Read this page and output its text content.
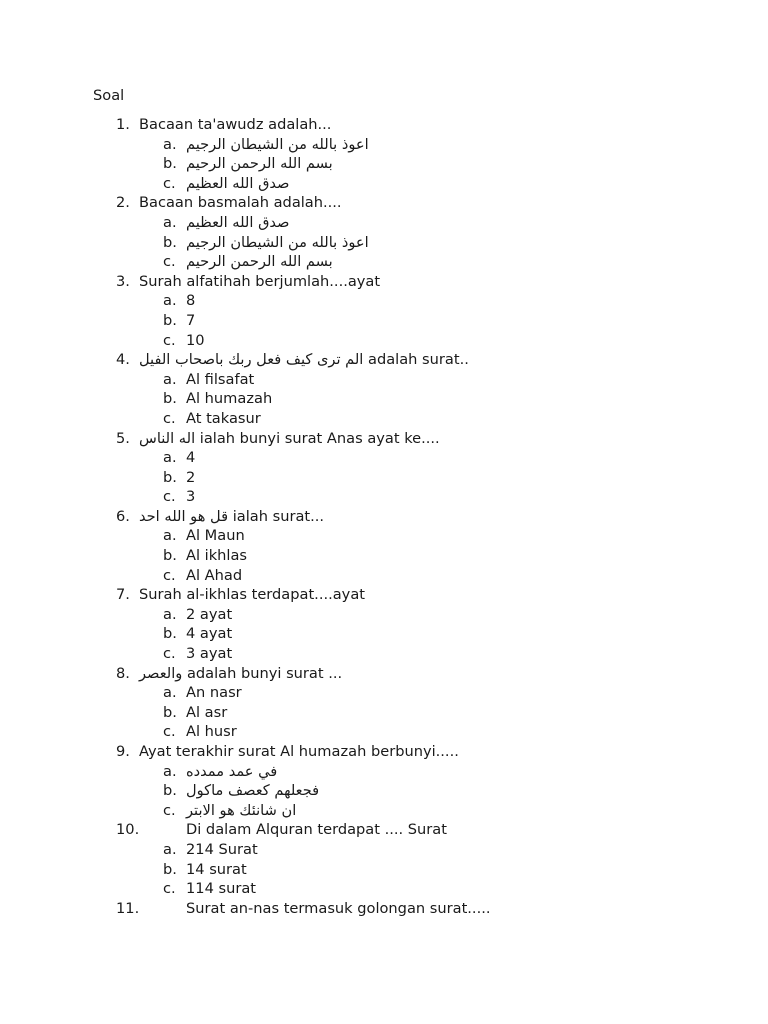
Soal
1. Bacaan ta'awudz adalah...
a. اعوذ بالله من الشيطان الرجيم
b. بسم الله الرحمن الرحيم
c. صدق الله العظيم
2. Bacaan basmalah adalah....
a. صدق الله العظيم
b. اعوذ بالله من الشيطان الرجيم
c. بسم الله الرحمن الرحيم
3. Surah alfatihah berjumlah....ayat
a. 8
b. 7
c. 10
4. الم ترى كيف فعل ربك باصحاب الفيل adalah surat..
a. Al filsafat
b. Al humazah
c. At takasur
5. اله الناس ialah bunyi surat Anas ayat ke....
a. 4
b. 2
c. 3
6. قل هو الله احد ialah surat...
a. Al Maun
b. Al ikhlas
c. Al Ahad
7. Surah al-ikhlas terdapat....ayat
a. 2 ayat
b. 4 ayat
c. 3 ayat
8. والعصر adalah bunyi surat ...
a. An nasr
b. Al asr
c. Al husr
9. Ayat terakhir surat Al humazah berbunyi.....
a. في عمد ممدده
b. فجعلهم كعصف ماكول
c. ان شانئك هو الابتر
10.	Di dalam Alquran terdapat .... Surat
a. 214 Surat
b. 14 surat
c. 114 surat
11.	Surat an-nas termasuk golongan surat.....
